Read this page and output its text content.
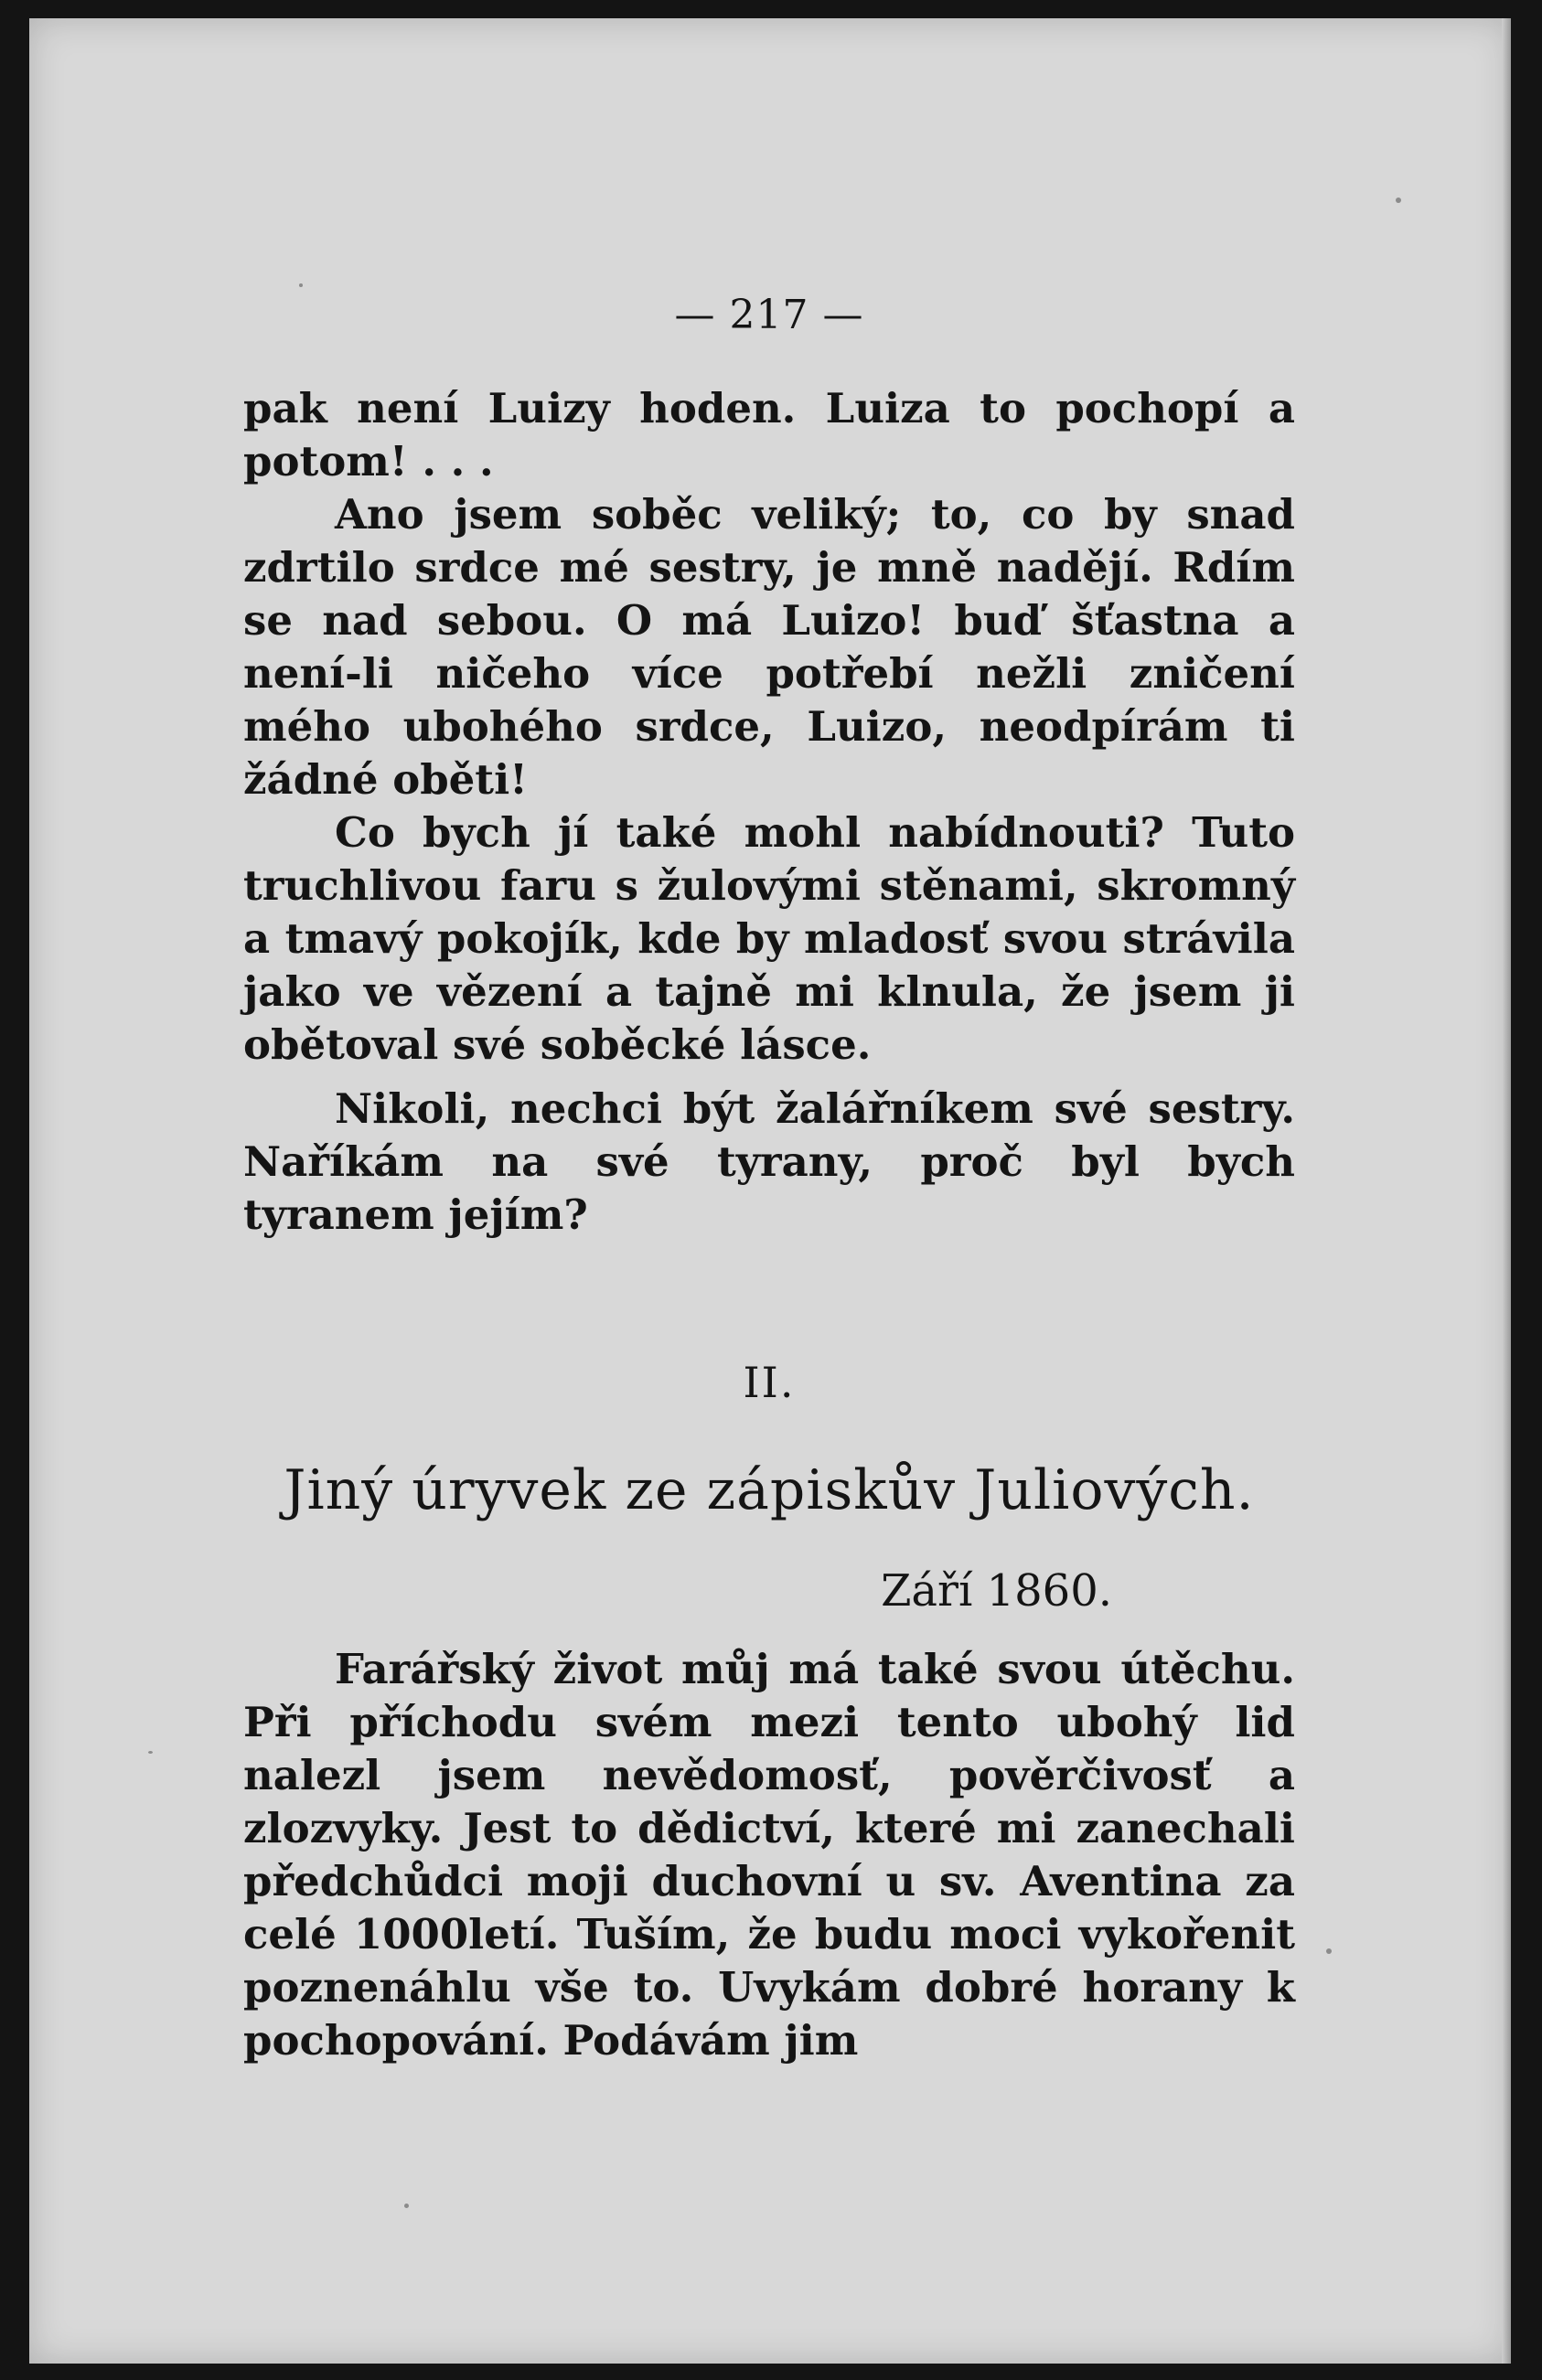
— 217 —

pak není Luizy hoden. Luiza to pochopí a potom! . . .

Ano jsem soběc veliký; to, co by snad zdrtilo srdce mé sestry, je mně nadějí. Rdím se nad sebou. O má Luizo! buď šťastna a není-li ničeho více potřebí nežli zničení mého ubohého srdce, Luizo, neodpírám ti žádné oběti!

Co bych jí také mohl nabídnouti? Tuto truchlivou faru s žulovými stěnami, skromný a tmavý pokojík, kde by mladosť svou strávila jako ve vězení a tajně mi klnula, že jsem ji obětoval své soběcké lásce.

Nikoli, nechci být žalářníkem své sestry. Naříkám na své tyrany, proč byl bych tyranem jejím?

II.
Jiný úryvek ze zápiskův Juliových.
Září 1860.

Farářský život můj má také svou útěchu. Při příchodu svém mezi tento ubohý lid nalezl jsem nevědomosť, pověrčivosť a zlozvyky. Jest to dědictví, které mi zanechali předchůdci moji duchovní u sv. Aventina za celé 1000letí. Tuším, že budu moci vykořenit poznenáhlu vše to. Uvykám dobré horany k pochopování. Podávám jim
